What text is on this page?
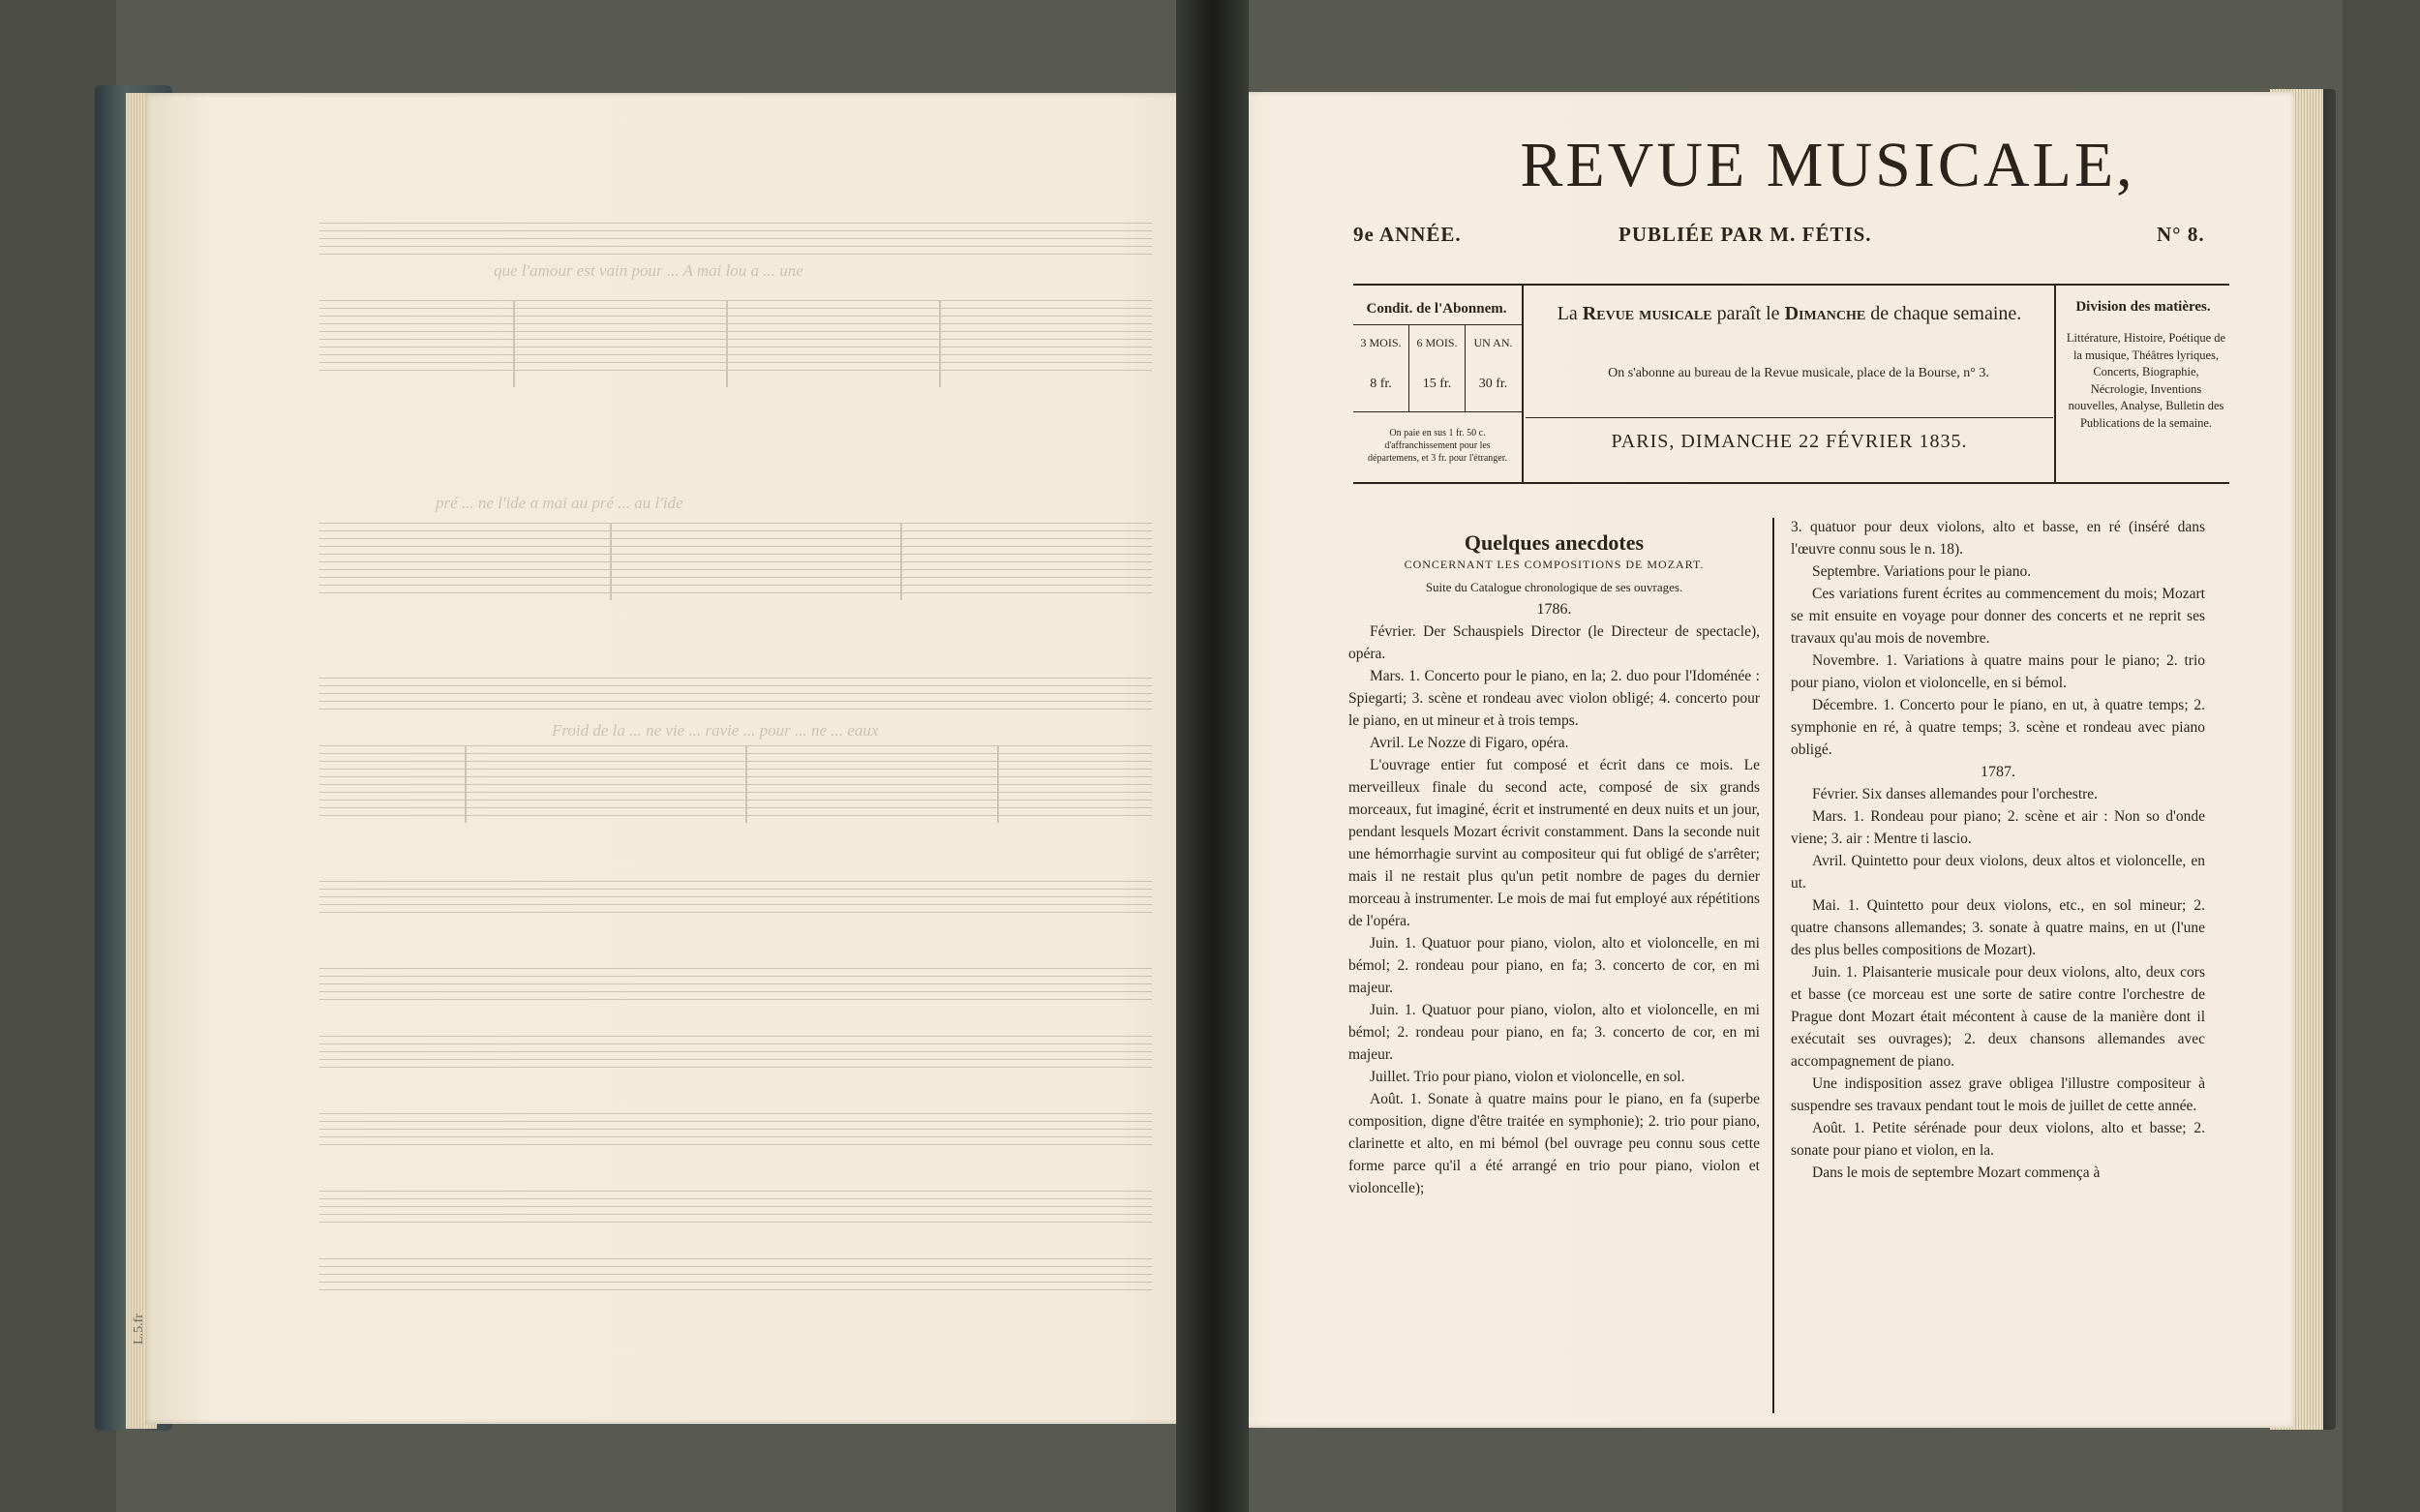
que l'amour est vain pour ... A mai lou a ... une
pré ... ne l'ide a mai au pré ... au l'ide
Froid de la ... ne vie ... ravie ... pour ... ne ... eaux
L.5.fr
REVUE MUSICALE,
9e ANNÉE.	PUBLIÉE PAR M. FÉTIS.	N° 8.
Condit. de l'Abonnem.
3 MOIS.	6 MOIS.	UN AN.
8 fr.	15 fr.	30 fr.
On paie en sus 1 fr. 50 c. d'affranchissement pour les départemens, et 3 fr. pour l'étranger.
La Revue musicale paraît le Dimanche de chaque semaine.
On s'abonne au bureau de la Revue musicale, place de la Bourse, n° 3.
PARIS, DIMANCHE 22 FÉVRIER 1835.
Division des matières.
Littérature, Histoire, Poétique de la musique, Théâtres lyriques, Concerts, Biographie, Nécrologie, Inventions nouvelles, Analyse, Bulletin des Publications de la semaine.

Quelques anecdotes

CONCERNANT LES COMPOSITIONS DE MOZART.

Suite du Catalogue chronologique de ses ouvrages.

1786.

Février. Der Schauspiels Director (le Directeur de spectacle), opéra.

Mars. 1. Concerto pour le piano, en la; 2. duo pour l'Idoménée : Spiegarti; 3. scène et rondeau avec violon obligé; 4. concerto pour le piano, en ut mineur et à trois temps.

Avril. Le Nozze di Figaro, opéra.

L'ouvrage entier fut composé et écrit dans ce mois. Le merveilleux finale du second acte, composé de six grands morceaux, fut imaginé, écrit et instrumenté en deux nuits et un jour, pendant lesquels Mozart écrivit constamment. Dans la seconde nuit une hémorrhagie survint au compositeur qui fut obligé de s'arrêter; mais il ne restait plus qu'un petit nombre de pages du dernier morceau à instrumenter. Le mois de mai fut employé aux répétitions de l'opéra.

Juin. 1. Quatuor pour piano, violon, alto et violoncelle, en mi bémol; 2. rondeau pour piano, en fa; 3. concerto de cor, en mi majeur.

Juin. 1. Quatuor pour piano, violon, alto et violoncelle, en mi bémol; 2. rondeau pour piano, en fa; 3. concerto de cor, en mi majeur.

Juillet. Trio pour piano, violon et violoncelle, en sol.

Août. 1. Sonate à quatre mains pour le piano, en fa (superbe composition, digne d'être traitée en symphonie); 2. trio pour piano, clarinette et alto, en mi bémol (bel ouvrage peu connu sous cette forme parce qu'il a été arrangé en trio pour piano, violon et violoncelle);

3. quatuor pour deux violons, alto et basse, en ré (inséré dans l'œuvre connu sous le n. 18).

Septembre. Variations pour le piano.

Ces variations furent écrites au commencement du mois; Mozart se mit ensuite en voyage pour donner des concerts et ne reprit ses travaux qu'au mois de novembre.

Novembre. 1. Variations à quatre mains pour le piano; 2. trio pour piano, violon et violoncelle, en si bémol.

Décembre. 1. Concerto pour le piano, en ut, à quatre temps; 2. symphonie en ré, à quatre temps; 3. scène et rondeau avec piano obligé.

1787.

Février. Six danses allemandes pour l'orchestre.

Mars. 1. Rondeau pour piano; 2. scène et air : Non so d'onde viene; 3. air : Mentre ti lascio.

Avril. Quintetto pour deux violons, deux altos et violoncelle, en ut.

Mai. 1. Quintetto pour deux violons, etc., en sol mineur; 2. quatre chansons allemandes; 3. sonate à quatre mains, en ut (l'une des plus belles compositions de Mozart).

Juin. 1. Plaisanterie musicale pour deux violons, alto, deux cors et basse (ce morceau est une sorte de satire contre l'orchestre de Prague dont Mozart était mécontent à cause de la manière dont il exécutait ses ouvrages); 2. deux chansons allemandes avec accompagnement de piano.

Une indisposition assez grave obligea l'illustre compositeur à suspendre ses travaux pendant tout le mois de juillet de cette année.

Août. 1. Petite sérénade pour deux violons, alto et basse; 2. sonate pour piano et violon, en la.

Dans le mois de septembre Mozart commença à
